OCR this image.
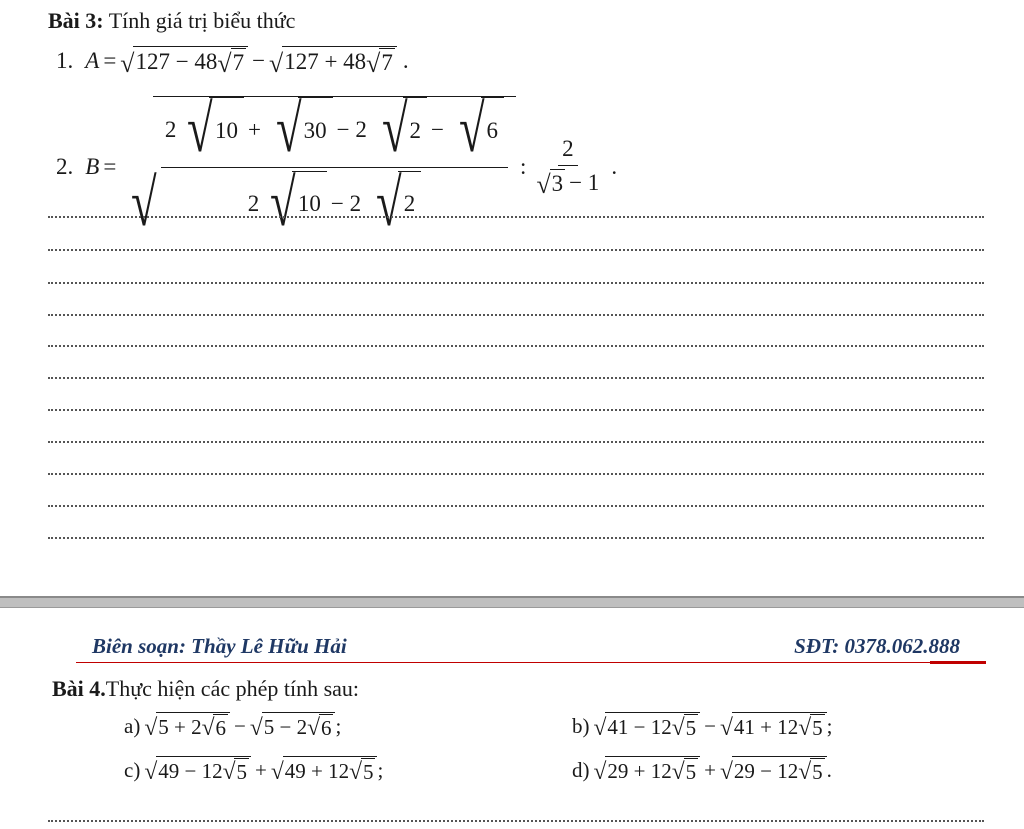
Bài 3: Tính giá trị biểu thức
1. A = √ 127 − 48 √ 7 − √ 127 + 48 √ 7 .
2. B =
√
2 √ 10 + √ 30 − 2 √ 2 − √ 6
2 √ 10 − 2 √ 2
: $\frac{2}{√ 3 - 1}$ .
Biên soạn: Thầy Lê Hữu Hải	SĐT: 0378.062.888
Bài 4.Thực hiện các phép tính sau:
a) √ 5 + 2 √ 6 − √ 5 − 2 √ 6 ;	b) √ 41 − 12 √ 5 − √ 41 + 12 √ 5 ;
c) √ 49 − 12 √ 5 + √ 49 + 12 √ 5 ;	d) √ 29 + 12 √ 5 + √ 29 − 12 √ 5 .
